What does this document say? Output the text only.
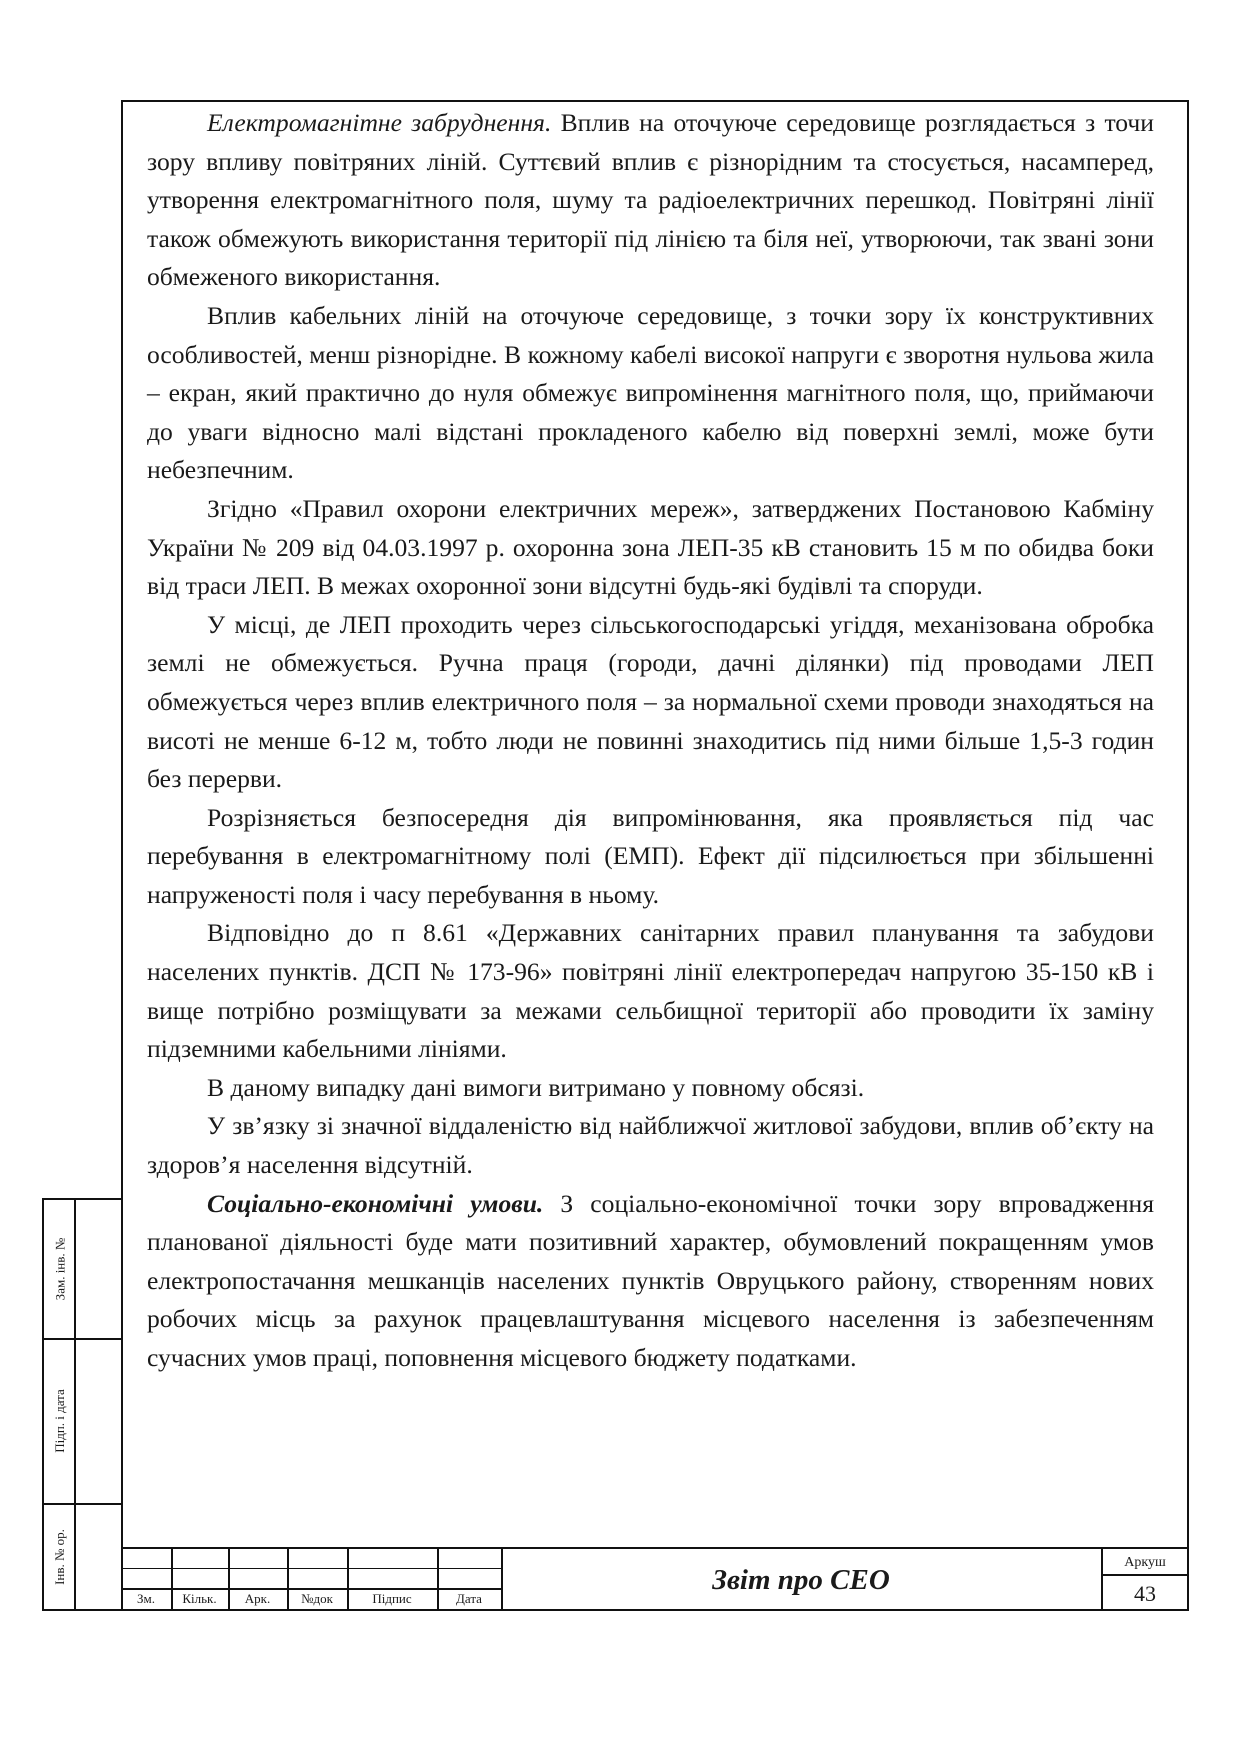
Електромагнітне забруднення. Вплив на оточуюче середовище розглядається з точи зору впливу повітряних ліній. Суттєвий вплив є різнорідним та стосується, насамперед, утворення електромагнітного поля, шуму та радіоелектричних перешкод. Повітряні лінії також обмежують використання території під лінією та біля неї, утворюючи, так звані зони обмеженого використання.

Вплив кабельних ліній на оточуюче середовище, з точки зору їх конструктивних особливостей, менш різнорідне. В кожному кабелі високої напруги є зворотня нульова жила – екран, який практично до нуля обмежує випромінення магнітного поля, що, приймаючи до уваги відносно малі відстані прокладеного кабелю від поверхні землі, може бути небезпечним.

Згідно «Правил охорони електричних мереж», затверджених Постановою Кабміну України № 209 від 04.03.1997 р. охоронна зона ЛЕП-35 кВ становить 15 м по обидва боки від траси ЛЕП. В межах охоронної зони відсутні будь-які будівлі та споруди.

У місці, де ЛЕП проходить через сільськогосподарські угіддя, механізована обробка землі не обмежується. Ручна праця (городи, дачні ділянки) під проводами ЛЕП обмежується через вплив електричного поля – за нормальної схеми проводи знаходяться на висоті не менше 6-12 м, тобто люди не повинні знаходитись під ними більше 1,5-3 годин без перерви.

Розрізняється безпосередня дія випромінювання, яка проявляється під час перебування в електромагнітному полі (ЕМП). Ефект дії підсилюється при збільшенні напруженості поля і часу перебування в ньому.

Відповідно до п 8.61 «Державних санітарних правил планування та забудови населених пунктів. ДСП № 173-96» повітряні лінії електропередач напругою 35-150 кВ і вище потрібно розміщувати за межами сельбищної території або проводити їх заміну підземними кабельними лініями.

В даному випадку дані вимоги витримано у повному обсязі.

У зв’язку зі значної віддаленістю від найближчої житлової забудови, вплив об’єкту на здоров’я населення відсутній.

Соціально-економічні умови. З соціально-економічної точки зору впровадження планованої діяльності буде мати позитивний характер, обумовлений покращенням умов електропостачання мешканців населених пунктів Овруцького району, створенням нових робочих місць за рахунок працевлаштування місцевого населення із забезпеченням сучасних умов праці, поповнення місцевого бюджету податками.

Зам. інв. №
Підп. і дата
Інв. № ор.
Зм.	Кільк.	Арк.	№док	Підпис	Дата
Звіт про СЕО
Аркуш
43
